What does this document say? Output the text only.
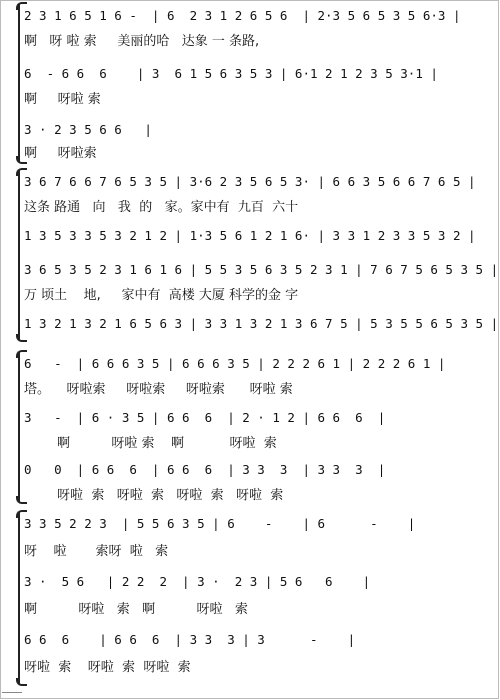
2 3 1 6 5 1 6 -  | 6  2 3 1 2 6 5 6  | 2·3 5 6 5 3 5 6·3 |
啊   呀 啦 索     美丽的哈   达象 一 条路,
6  - 6 6  6    | 3  6 1 5 6 3 5 3 | 6·1 2 1 2 3 5 3·1 |
啊     呀啦 索
3 · 2 3 5 6 6   |
啊     呀啦索
3 6 7 6 6 7 6 5 3 5 | 3·6 2 3 5 6 5 3· | 6 6 3 5 6 6 7 6 5 |
这条 路通   向   我  的   家。家中有  九百  六十
1 3 5 3 3 5 3 2 1 2 | 1·3 5 6 1 2 1 6· | 3 3 1 2 3 3 5 3 2 |
3 6 5 3 5 2 3 1 6 1 6 | 5 5 3 5 6 3 5 2 3 1 | 7 6 7 5 6 5 3 5 |
万 顷土    地,     家中有  高楼 大厦 科学的金 字
1 3 2 1 3 2 1 6 5 6 3 | 3 3 1 3 2 1 3 6 7 5 | 5 3 5 5 6 5 3 5 |
6   -  | 6 6 6 3 5 | 6 6 6 3 5 | 2 2 2 6 1 | 2 2 2 6 1 |
塔。    呀啦索     呀啦索     呀啦索      呀啦 索
3   -  | 6 · 3 5 | 6 6  6  | 2 · 1 2 | 6 6  6  |
啊          呀啦 索    啊           呀啦  索
0   0  | 6 6  6  | 6 6  6  | 3 3  3  | 3 3  3  |
呀啦  索   呀啦  索   呀啦  索   呀啦  索
3 3 5 2 2 3  | 5 5 6 3 5 | 6    -    | 6      -    |
呀    啦       索呀  啦   索
3 ·  5 6   | 2 2  2  | 3 ·  2 3 | 5 6   6    |
啊          呀啦   索   啊          呀啦   索
6 6  6    | 6 6  6  | 3 3  3 | 3      -    |
呀啦  索    呀啦  索  呀啦  索
